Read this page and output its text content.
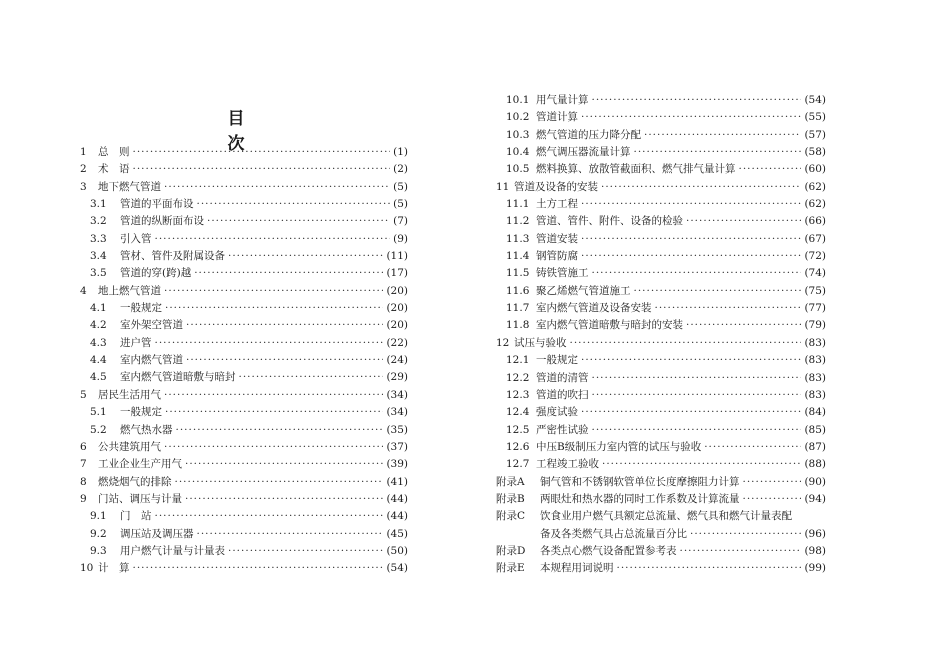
目　次
1	总　则 ·····	(1)
2	术　语 ·····	(2)
3	地下燃气管道 ·····	(5)
3.1	管道的平面布设 ·····	(5)
3.2	管道的纵断面布设 ·····	(7)
3.3	引入管 ·····	(9)
3.4	管材、管件及附属设备 ·····	(11)
3.5	管道的穿(跨)越 ·····	(17)
4	地上燃气管道 ·····	(20)
4.1	一般规定 ·····	(20)
4.2	室外架空管道 ·····	(20)
4.3	进户管 ·····	(22)
4.4	室内燃气管道 ·····	(24)
4.5	室内燃气管道暗敷与暗封 ·····	(29)
5	居民生活用气 ·····	(34)
5.1	一般规定 ·····	(34)
5.2	燃气热水器 ·····	(35)
6	公共建筑用气 ·····	(37)
7	工业企业生产用气 ·····	(39)
8	燃烧烟气的排除 ·····	(41)
9	门站、调压与计量 ·····	(44)
9.1	门　站 ·····	(44)
9.2	调压站及调压器 ·····	(45)
9.3	用户燃气计量与计量表 ·····	(50)
10 计　算 ·····	(54)
10.1 用气量计算 ·····	(54)
10.2 管道计算 ·····	(55)
10.3 燃气管道的压力降分配 ·····	(57)
10.4 燃气调压器流量计算 ·····	(58)
10.5 燃料换算、放散管截面积、燃气排气量计算 ·····	(60)
11 管道及设备的安装 ·····	(62)
11.1 土方工程 ·····	(62)
11.2 管道、管件、附件、设备的检验 ·····	(66)
11.3 管道安装 ·····	(67)
11.4 钢管防腐 ·····	(72)
11.5 铸铁管施工 ·····	(74)
11.6 聚乙烯燃气管道施工 ·····	(75)
11.7 室内燃气管道及设备安装 ·····	(77)
11.8 室内燃气管道暗敷与暗封的安装 ·····	(79)
12 试压与验收 ·····	(83)
12.1 一般规定 ·····	(83)
12.2 管道的清管 ·····	(83)
12.3 管道的吹扫 ·····	(83)
12.4 强度试验 ·····	(84)
12.5 严密性试验 ·····	(85)
12.6 中压B级制压力室内管的试压与验收 ·····	(87)
12.7 工程竣工验收 ·····	(88)
附录A	铜气管和不锈钢软管单位长度摩擦阻力计算 ·····	(90)
附录B	两眼灶和热水器的同时工作系数及计算流量 ·····	(94)
附录C	饮食业用户燃气具额定总流量、燃气具和燃气计量表配
备及各类燃气具占总流量百分比 ·····	(96)
附录D	各类点心燃气设备配置参考表 ·····	(98)
附录E	本规程用词说明 ·····	(99)
